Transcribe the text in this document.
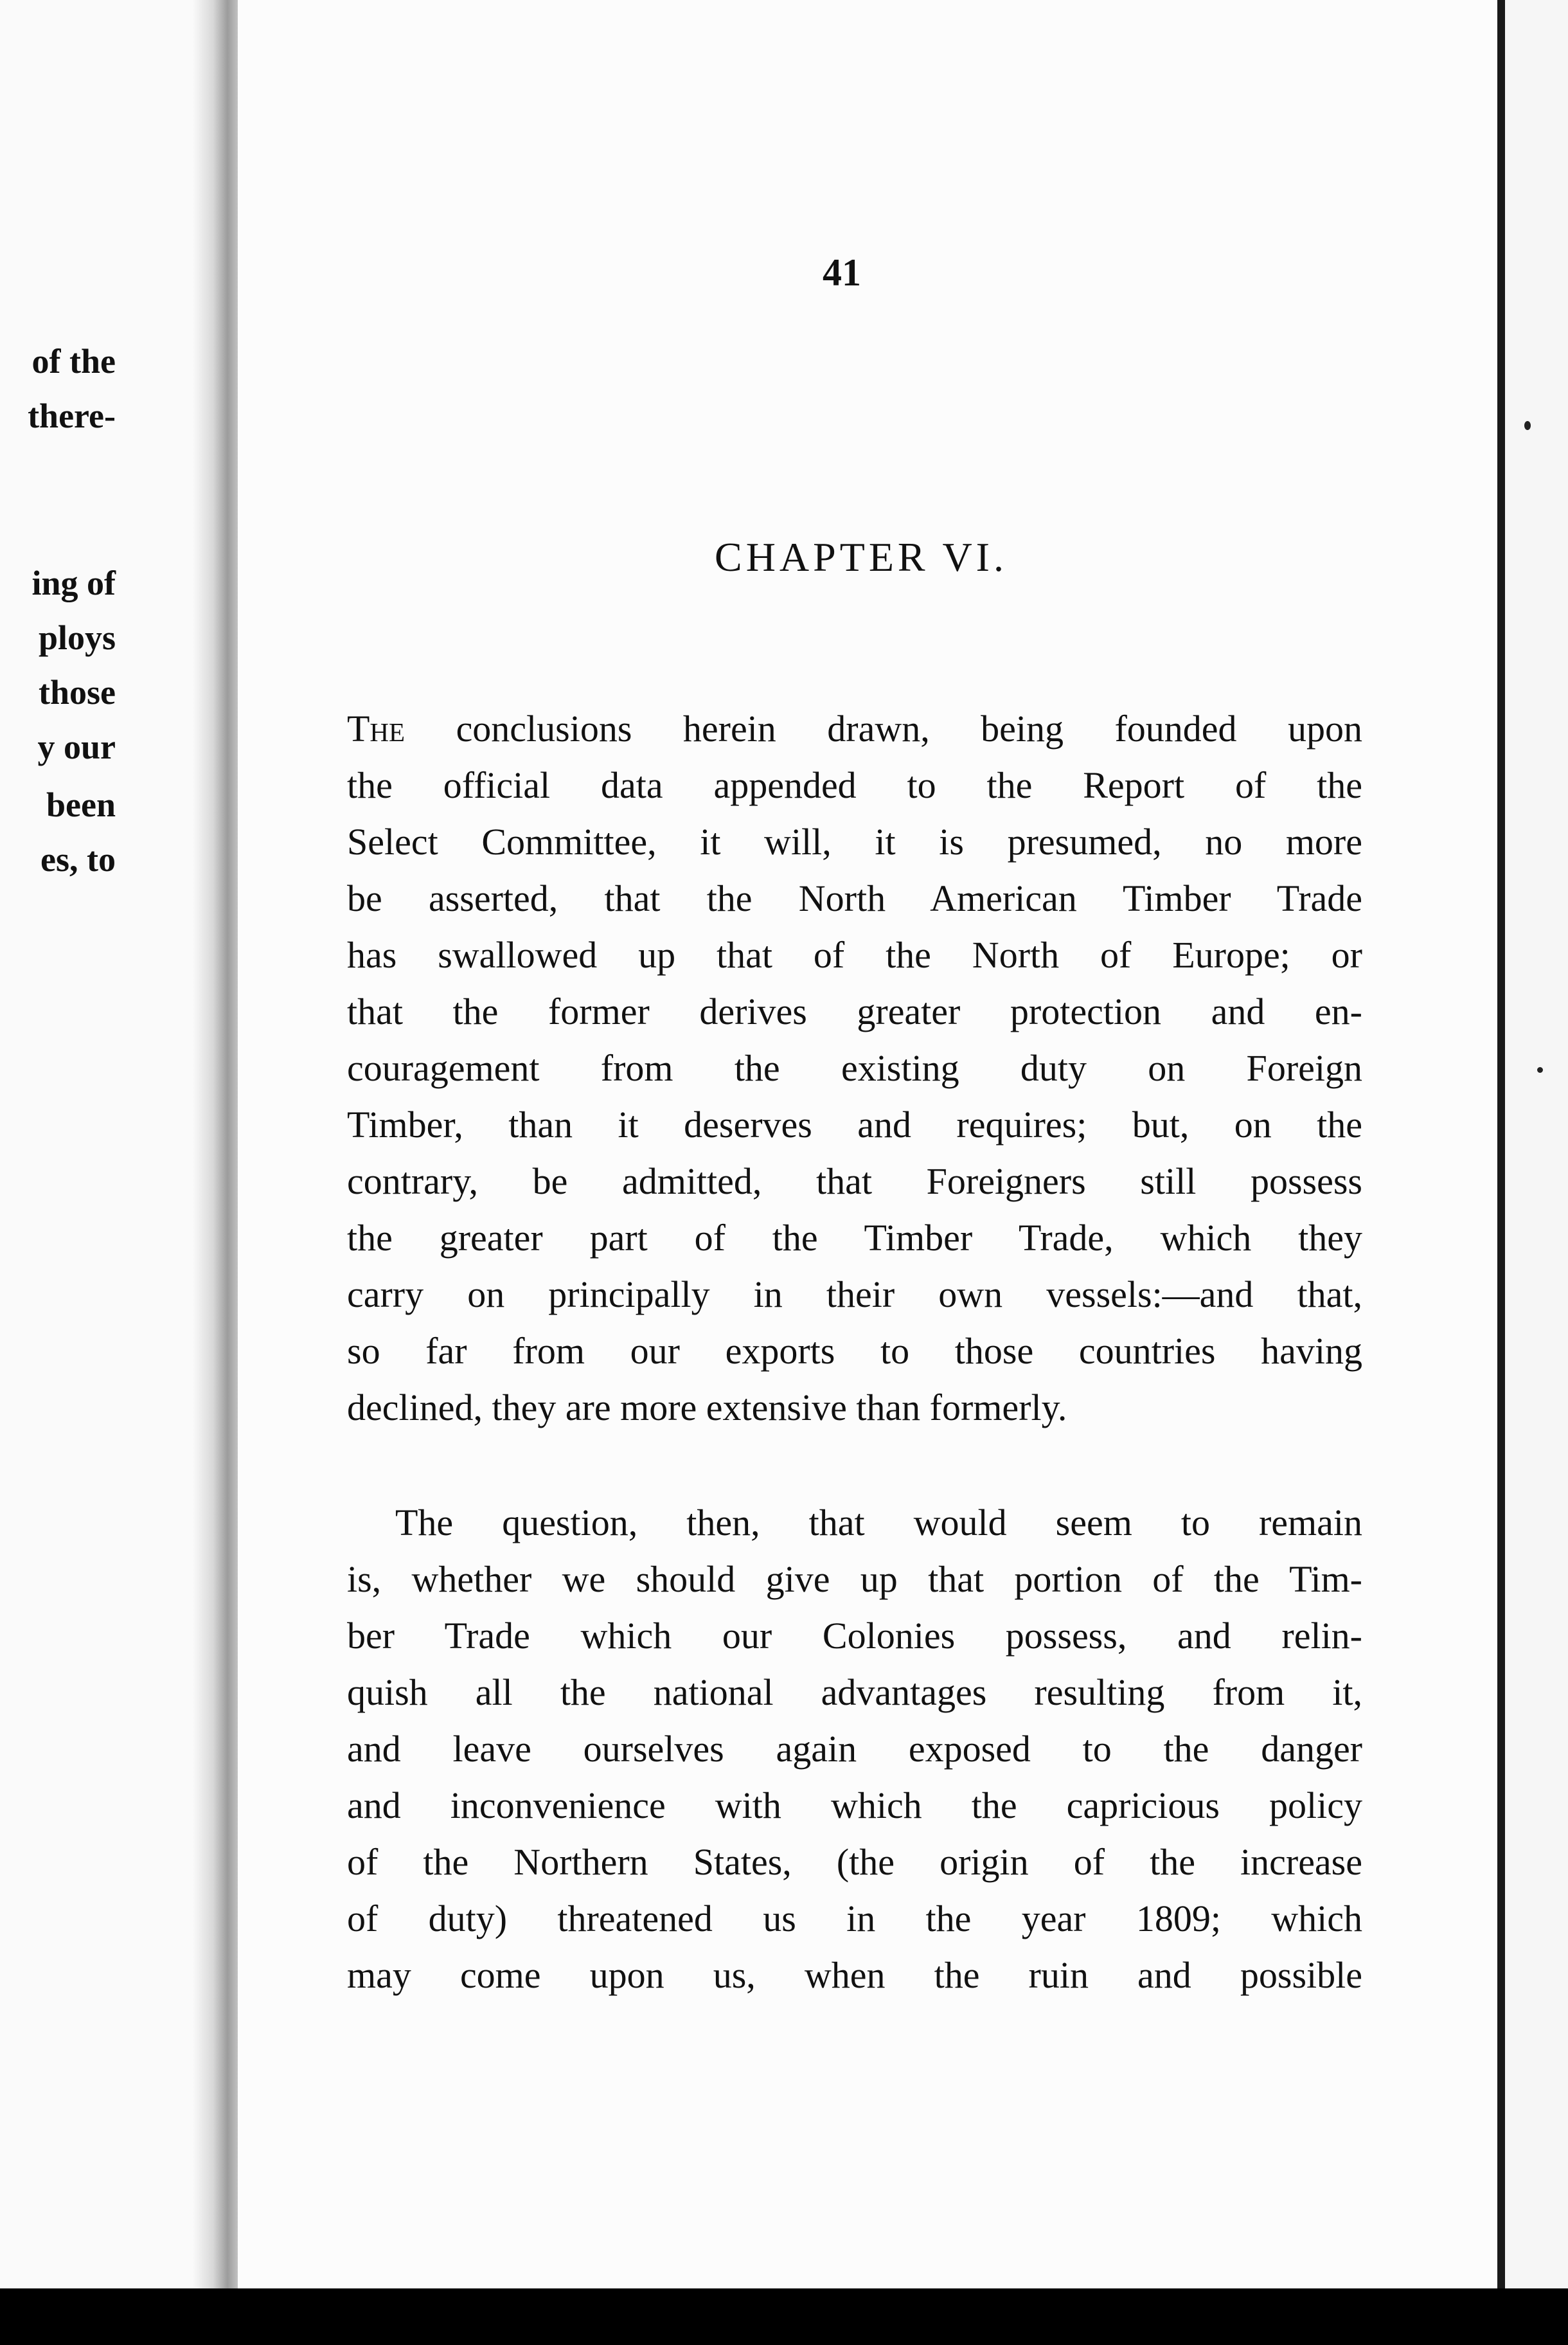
of the
there-
ing of
ploys
those
y our
been
es, to
41
CHAPTER VI.
The conclusions herein drawn, being founded upon
the official data appended to the Report of the
Select Committee, it will, it is presumed, no more
be asserted, that the North American Timber Trade
has swallowed up that of the North of Europe; or
that the former derives greater protection and en-
couragement from the existing duty on Foreign
Timber, than it deserves and requires; but, on the
contrary, be admitted, that Foreigners still possess
the greater part of the Timber Trade, which they
carry on principally in their own vessels:—and that,
so far from our exports to those countries having
declined, they are more extensive than formerly.
The question, then, that would seem to remain
is, whether we should give up that portion of the Tim-
ber Trade which our Colonies possess, and relin-
quish all the national advantages resulting from it,
and leave ourselves again exposed to the danger
and inconvenience with which the capricious policy
of the Northern States, (the origin of the increase
of duty) threatened us in the year 1809; which
may come upon us, when the ruin and possible
